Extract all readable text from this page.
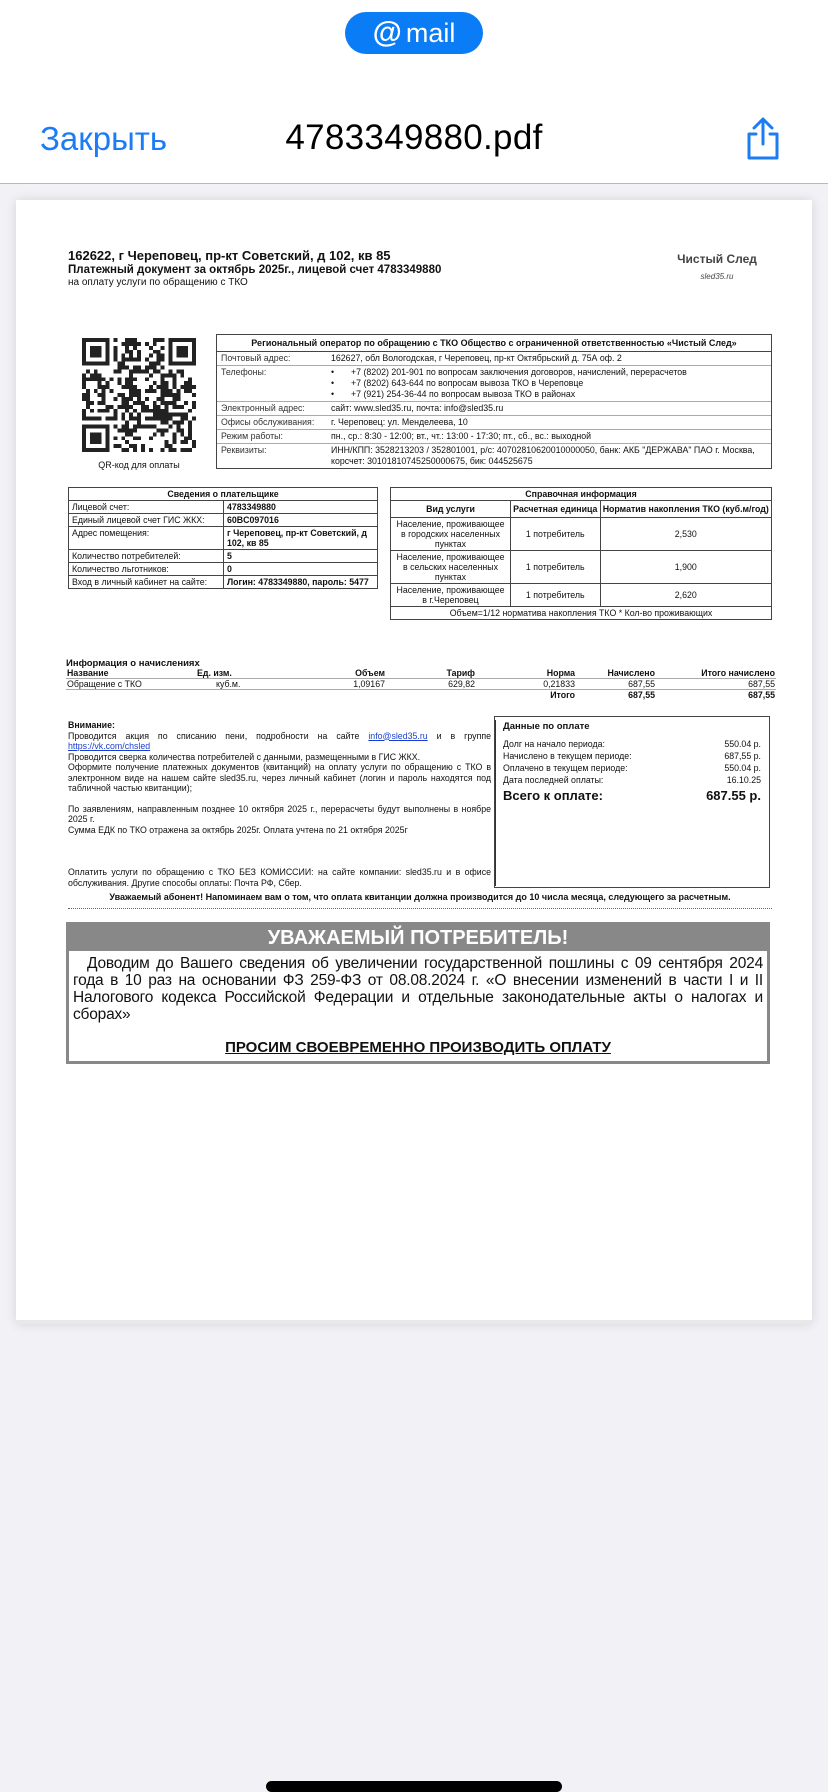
@ mail
Закрыть	4783349880.pdf
162622, г Череповец, пр-кт Советский, д 102, кв 85
Платежный документ за октябрь 2025г., лицевой счет 4783349880
на оплату услуги по обращению с ТКО
Чистый След
sled35.ru
QR-код для оплаты
Региональный оператор по обращению с ТКО Общество с ограниченной ответственностью «Чистый След»
Почтовый адрес:	162627, обл Вологодская, г Череповец, пр-кт Октябрьский д. 75А оф. 2
Телефоны:	• +7 (8202) 201-901 по вопросам заключения договоров, начислений, перерасчетов
• +7 (8202) 643-644 по вопросам вывоза ТКО в Череповце
• +7 (921) 254-36-44 по вопросам вывоза ТКО в районах
Электронный адрес:	сайт: www.sled35.ru, почта: info@sled35.ru
Офисы обслуживания:	г. Череповец: ул. Менделеева, 10
Режим работы:	пн., ср.: 8:30 - 12:00; вт., чт.: 13:00 - 17:30; пт., сб., вс.: выходной
Реквизиты:	ИНН/КПП: 3528213203 / 352801001, р/с: 40702810620010000050, банк: АКБ "ДЕРЖАВА" ПАО г. Москва, корсчет: 30101810745250000675, бик: 044525675
Сведения о плательщике	
Лицевой счет:	4783349880
Единый лицевой счет ГИС ЖКХ:	60BC097016
Адрес помещения:	г Череповец, пр-кт Советский, д 102, кв 85
Количество потребителей:	5
Количество льготников:	0
Вход в личный кабинет на сайте:	Логин: 4783349880, пароль: 5477
Справочная информация		
Вид услуги	Расчетная единица	Норматив накопления ТКО (куб.м/год)
Население, проживающее в городских населенных пунктах	1 потребитель	2,530
Население, проживающее в сельских населенных пунктах	1 потребитель	1,900
Население, проживающее в г.Череповец	1 потребитель	2,620
Объем=1/12 норматива накопления ТКО * Кол-во проживающих		
Информация о начислениях
Название	Ед. изм.	Объем	Тариф	Норма	Начислено	Итого начислено
Обращение с ТКО	куб.м.	1,09167	629,82	0,21833	687,55	687,55
				Итого	687,55	687,55
Внимание:
Проводится акция по списанию пени, подробности на сайте info@sled35.ru и в группе https://vk.com/chsled
Проводится сверка количества потребителей с данными, размещенными в ГИС ЖКХ.
Оформите получение платежных документов (квитанций) на оплату услуги по обращению с ТКО в электронном виде на нашем сайте sled35.ru, через личный кабинет (логин и пароль находятся под табличной частью квитанции);
По заявлениям, направленным позднее 10 октября 2025 г., перерасчеты будут выполнены в ноябре 2025 г.
Сумма ЕДК по ТКО отражена за октябрь 2025г. Оплата учтена по 21 октября 2025г
Оплатить услуги по обращению с ТКО БЕЗ КОМИССИИ: на сайте компании: sled35.ru и в офисе обслуживания. Другие способы оплаты: Почта РФ, Сбер.
Данные по оплате
Долг на начало периода:	550.04 р.
Начислено в текущем периоде:	687,55 р.
Оплачено в текущем периоде:	550.04 р.
Дата последней оплаты:	16.10.25
Всего к оплате:	687.55 р.
Уважаемый абонент! Напоминаем вам о том, что оплата квитанции должна производится до 10 числа месяца, следующего за расчетным.
УВАЖАЕМЫЙ ПОТРЕБИТЕЛЬ!
Доводим до Вашего сведения об увеличении государственной пошлины с 09 сентября 2024 года в 10 раз на основании ФЗ 259-ФЗ от 08.08.2024 г. «О внесении изменений в части I и II Налогового кодекса Российской Федерации и отдельные законодательные акты о налогах и сборах»
ПРОСИМ СВОЕВРЕМЕННО ПРОИЗВОДИТЬ ОПЛАТУ
